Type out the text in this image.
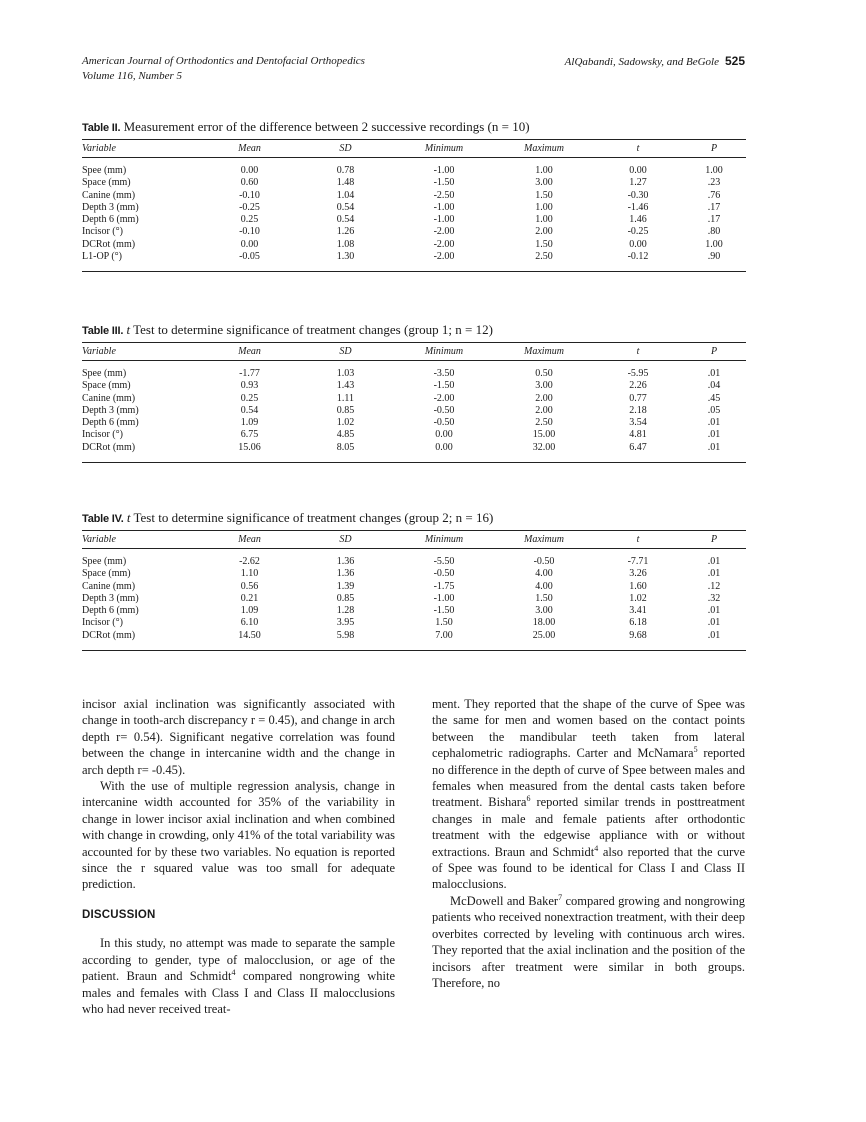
American Journal of Orthodontics and Dentofacial Orthopedics
Volume 116, Number 5
AlQabandi, Sadowsky, and BeGole 525
Table II. Measurement error of the difference between 2 successive recordings (n = 10)
Variable	Mean	SD	Minimum	Maximum	t	P
Spee (mm)	0.00	0.78	-1.00	1.00	0.00	1.00
Space (mm)	0.60	1.48	-1.50	3.00	1.27	.23
Canine (mm)	-0.10	1.04	-2.50	1.50	-0.30	.76
Depth 3 (mm)	-0.25	0.54	-1.00	1.00	-1.46	.17
Depth 6 (mm)	0.25	0.54	-1.00	1.00	1.46	.17
Incisor (°)	-0.10	1.26	-2.00	2.00	-0.25	.80
DCRot (mm)	0.00	1.08	-2.00	1.50	0.00	1.00
L1-OP (°)	-0.05	1.30	-2.00	2.50	-0.12	.90
Table III. t Test to determine significance of treatment changes (group 1; n = 12)
Variable	Mean	SD	Minimum	Maximum	t	P
Spee (mm)	-1.77	1.03	-3.50	0.50	-5.95	.01
Space (mm)	0.93	1.43	-1.50	3.00	2.26	.04
Canine (mm)	0.25	1.11	-2.00	2.00	0.77	.45
Depth 3 (mm)	0.54	0.85	-0.50	2.00	2.18	.05
Depth 6 (mm)	1.09	1.02	-0.50	2.50	3.54	.01
Incisor (°)	6.75	4.85	0.00	15.00	4.81	.01
DCRot (mm)	15.06	8.05	0.00	32.00	6.47	.01
Table IV. t Test to determine significance of treatment changes (group 2; n = 16)
Variable	Mean	SD	Minimum	Maximum	t	P
Spee (mm)	-2.62	1.36	-5.50	-0.50	-7.71	.01
Space (mm)	1.10	1.36	-0.50	4.00	3.26	.01
Canine (mm)	0.56	1.39	-1.75	4.00	1.60	.12
Depth 3 (mm)	0.21	0.85	-1.00	1.50	1.02	.32
Depth 6 (mm)	1.09	1.28	-1.50	3.00	3.41	.01
Incisor (°)	6.10	3.95	1.50	18.00	6.18	.01
DCRot (mm)	14.50	5.98	7.00	25.00	9.68	.01

incisor axial inclination was significantly associated with change in tooth-arch discrepancy r = 0.45), and change in arch depth r= 0.54). Significant negative correlation was found between the change in intercanine width and the change in arch depth r= -0.45).

With the use of multiple regression analysis, change in intercanine width accounted for 35% of the variability in change in lower incisor axial inclination and when combined with change in crowding, only 41% of the total variability was accounted for by these two variables. No equation is reported since the r squared value was too small for adequate prediction.

DISCUSSION

In this study, no attempt was made to separate the sample according to gender, type of malocclusion, or age of the patient. Braun and Schmidt$^4$ compared nongrowing white males and females with Class I and Class II malocclusions who had never received treat-

ment. They reported that the shape of the curve of Spee was the same for men and women based on the contact points between the mandibular teeth taken from lateral cephalometric radiographs. Carter and McNamara$^5$ reported no difference in the depth of curve of Spee between males and females when measured from the dental casts taken before treatment. Bishara$^6$ reported similar trends in posttreatment changes in male and female patients after orthodontic treatment with the edgewise appliance with or without extractions. Braun and Schmidt$^4$ also reported that the curve of Spee was found to be identical for Class I and Class II malocclusions.

McDowell and Baker$^7$ compared growing and nongrowing patients who received nonextraction treatment, with their deep overbites corrected by leveling with continuous arch wires. They reported that the axial inclination and the position of the incisors after treatment were similar in both groups. Therefore, no
